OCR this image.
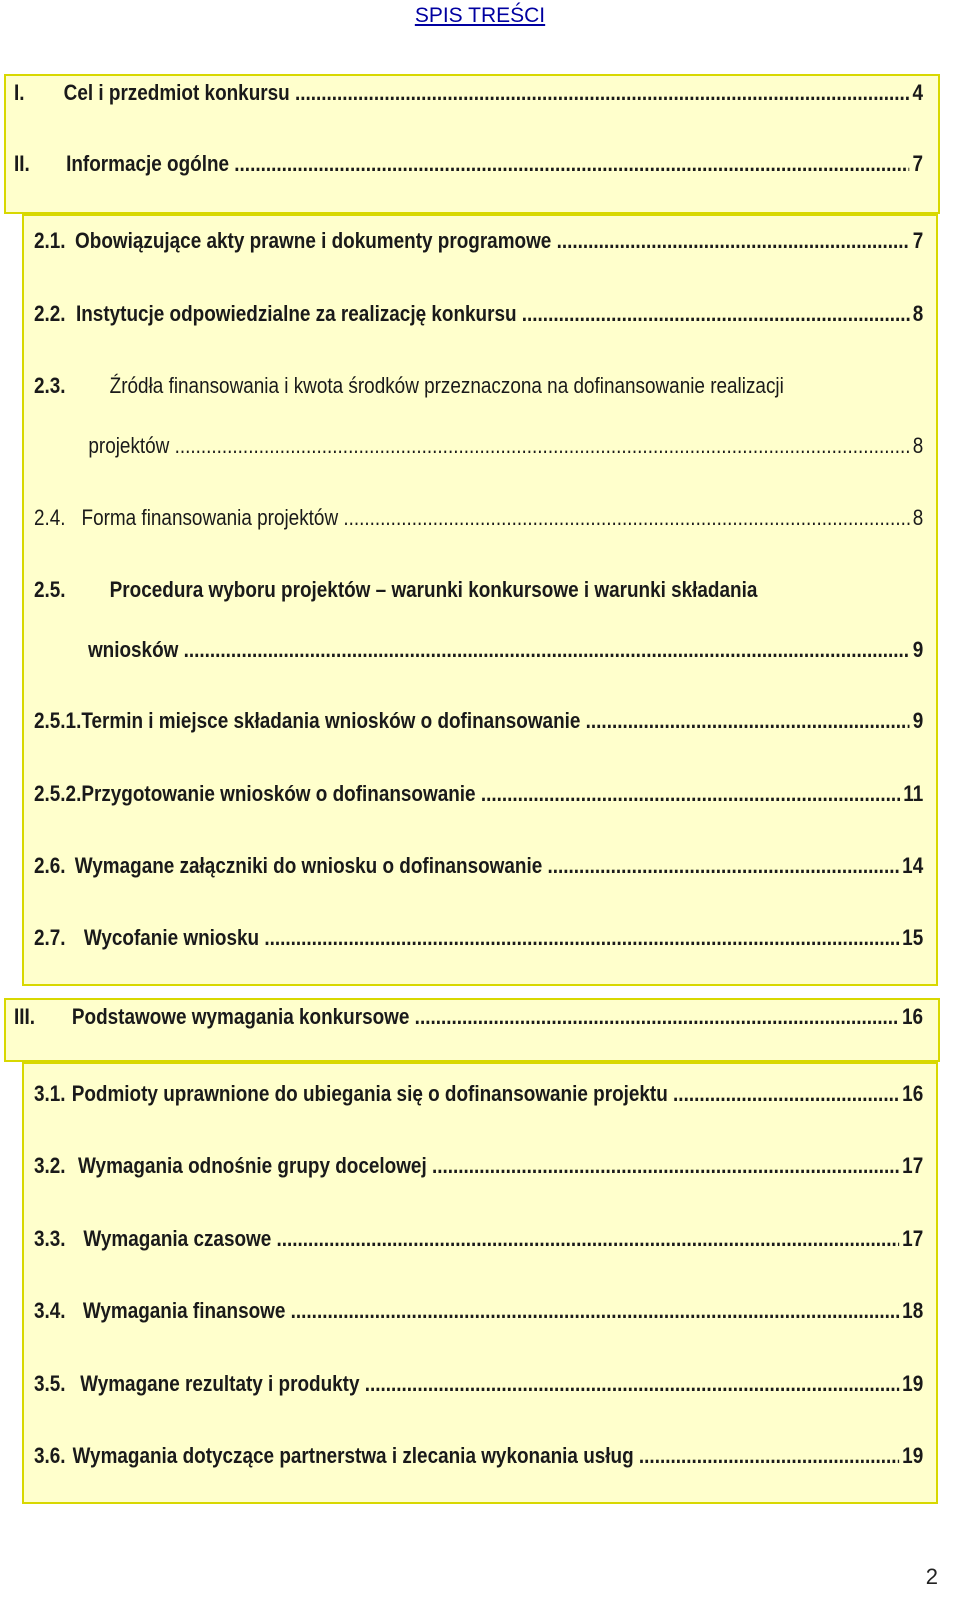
SPIS TREŚCI
I.	Cel i przedmiot konkursu .....	4
II.	Informacje ogólne .....	7
2.1. Obowiązujące akty prawne i dokumenty programowe .....	7
2.2. Instytucje odpowiedzialne za realizację konkursu .....	8
2.3.	Źródła finansowania i kwota środków przeznaczona na dofinansowanie realizacji
projektów .....	8
2.4. Forma finansowania projektów .....	8
2.5.	Procedura wyboru projektów – warunki konkursowe i warunki składania
wniosków .....	9
2.5.1. Termin i miejsce składania wniosków o dofinansowanie .....	9
2.5.2. Przygotowanie wniosków o dofinansowanie .....	11
2.6. Wymagane załączniki do wniosku o dofinansowanie .....	14
2.7. Wycofanie wniosku .....	15
III.	Podstawowe wymagania konkursowe .....	16
3.1. Podmioty uprawnione do ubiegania się o dofinansowanie projektu .....	16
3.2. Wymagania odnośnie grupy docelowej .....	17
3.3. Wymagania czasowe .....	17
3.4. Wymagania finansowe .....	18
3.5. Wymagane rezultaty i produkty .....	19
3.6. Wymagania dotyczące partnerstwa i zlecania wykonania usług .....	19
2
